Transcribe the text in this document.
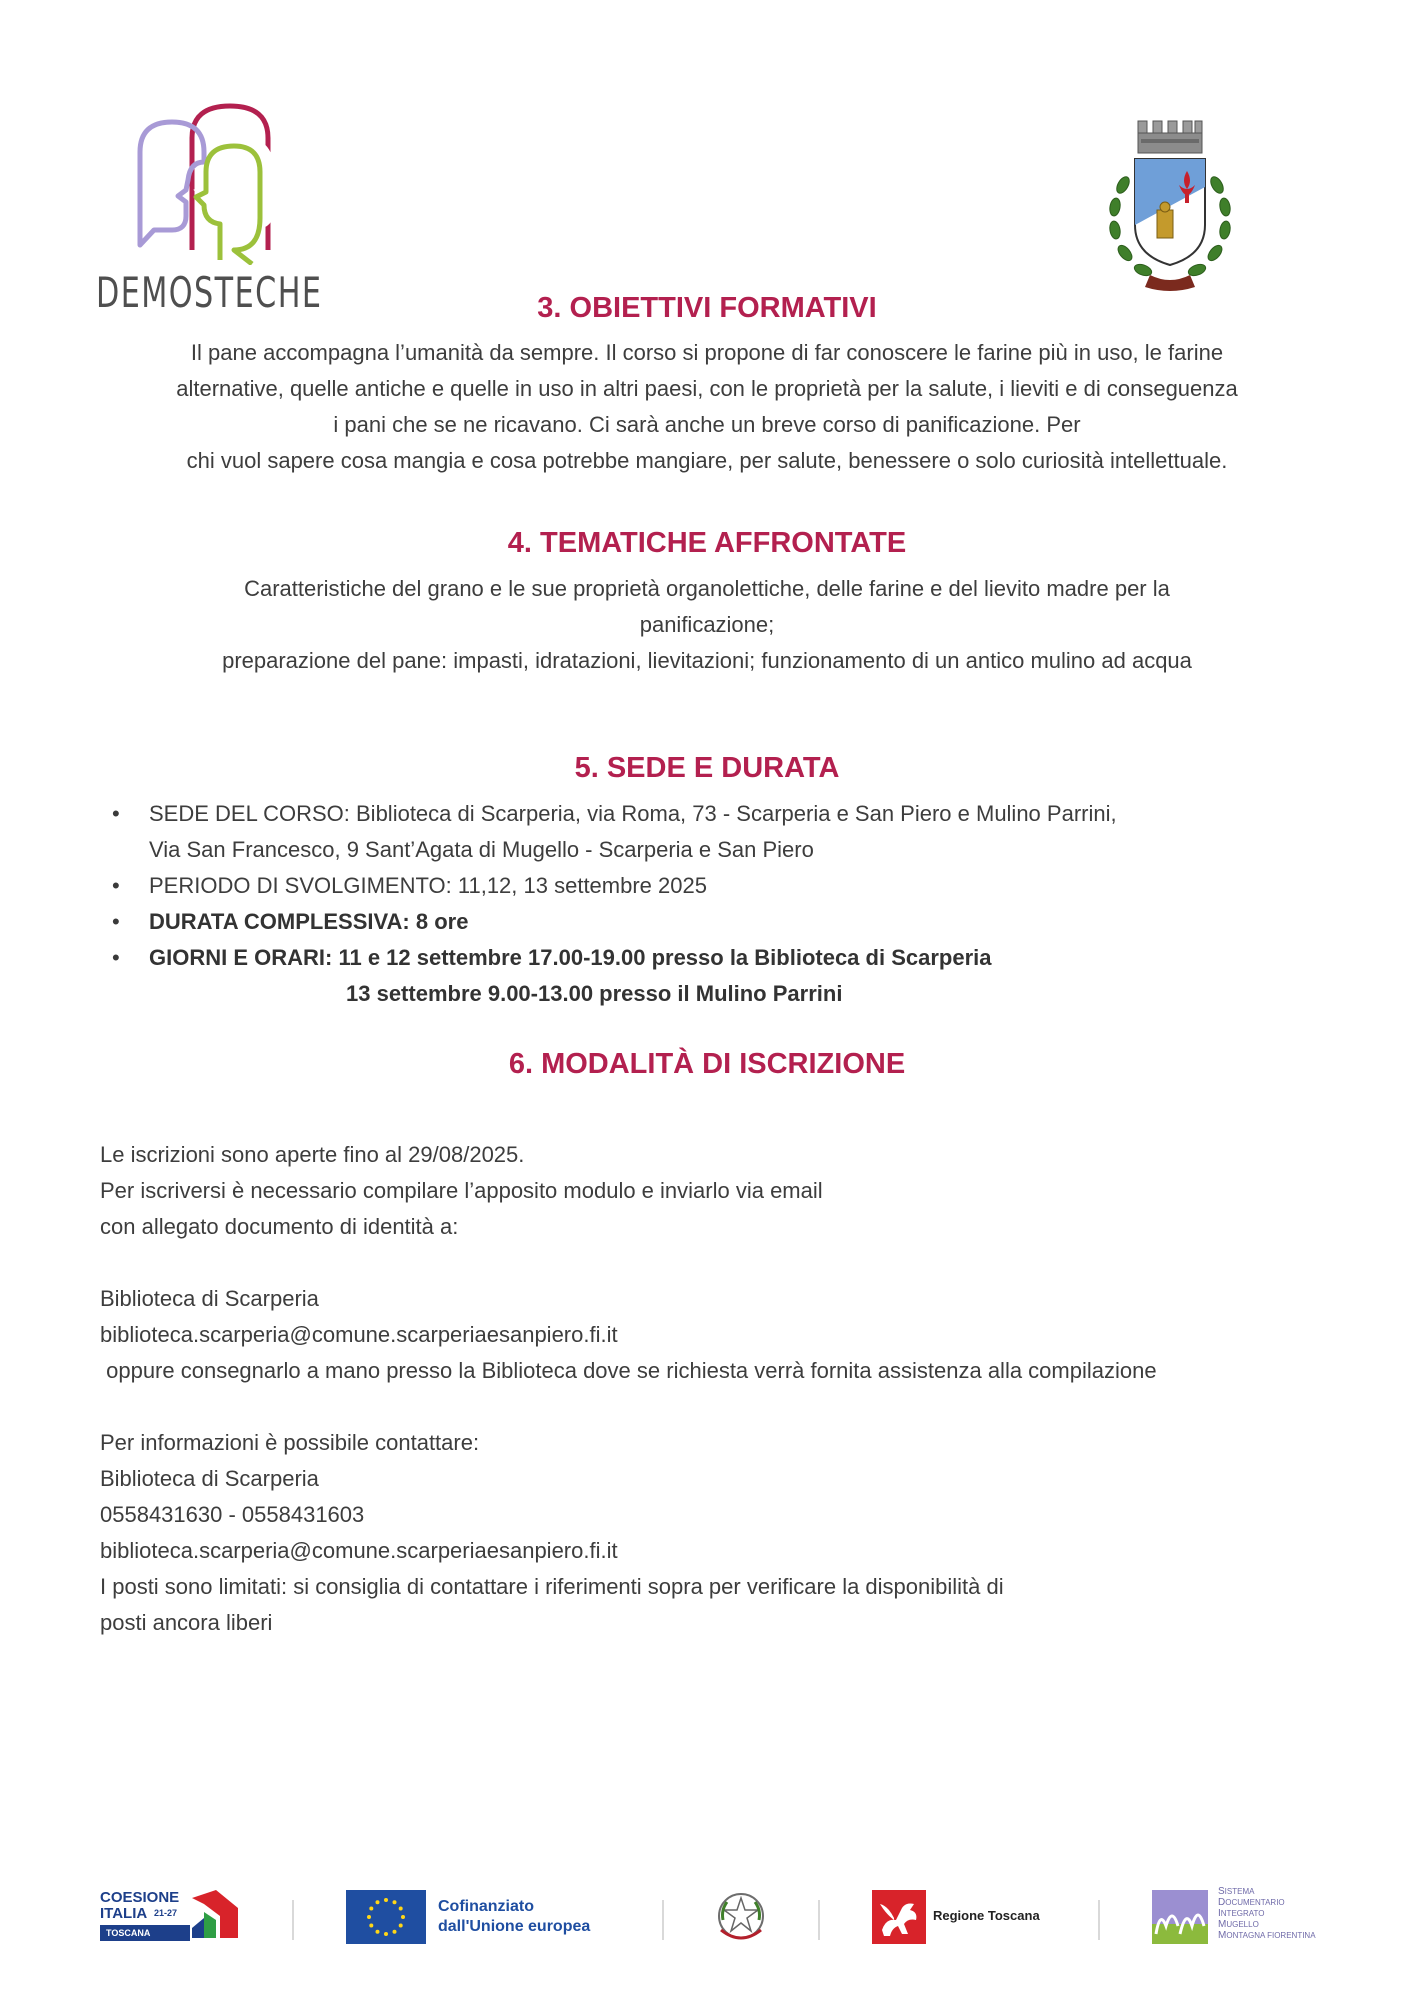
DEMOSTECHE	3. OBIETTIVI FORMATIVI
Il pane accompagna l’umanità da sempre. Il corso si propone di far conoscere le farine più in uso, le farine
alternative, quelle antiche e quelle in uso in altri paesi, con le proprietà per la salute, i lieviti e di conseguenza
i pani che se ne ricavano. Ci sarà anche un breve corso di panificazione. Per
chi vuol sapere cosa mangia e cosa potrebbe mangiare, per salute, benessere o solo curiosità intellettuale.
4. TEMATICHE AFFRONTATE
Caratteristiche del grano e le sue proprietà organolettiche, delle farine e del lievito madre per la
panificazione;
preparazione del pane: impasti, idratazioni, lievitazioni; funzionamento di un antico mulino ad acqua
5. SEDE E DURATA
• SEDE DEL CORSO: Biblioteca di Scarperia, via Roma, 73 - Scarperia e San Piero e Mulino Parrini,
Via San Francesco, 9 Sant’Agata di Mugello - Scarperia e San Piero
• PERIODO DI SVOLGIMENTO: 11,12, 13 settembre 2025
• DURATA COMPLESSIVA: 8 ore
• GIORNI E ORARI: 11 e 12 settembre 17.00-19.00 presso la Biblioteca di Scarperia
13 settembre 9.00-13.00 presso il Mulino Parrini
6. MODALITÀ DI ISCRIZIONE
Le iscrizioni sono aperte fino al 29/08/2025.
Per iscriversi è necessario compilare l’apposito modulo e inviarlo via email
con allegato documento di identità a:
Biblioteca di Scarperia
biblioteca.scarperia@comune.scarperiaesanpiero.fi.it
oppure consegnarlo a mano presso la Biblioteca dove se richiesta verrà fornita assistenza alla compilazione
Per informazioni è possibile contattare:
Biblioteca di Scarperia
0558431630 - 0558431603
biblioteca.scarperia@comune.scarperiaesanpiero.fi.it
I posti sono limitati: si consiglia di contattare i riferimenti sopra per verificare la disponibilità di
posti ancora liberi
COESIONE
ITALIA 21-27
TOSCANA
Cofinanziato
dall'Unione europea
Regione Toscana
SISTEMA
DOCUMENTARIO
INTEGRATO
MUGELLO
MONTAGNA FIORENTINA
